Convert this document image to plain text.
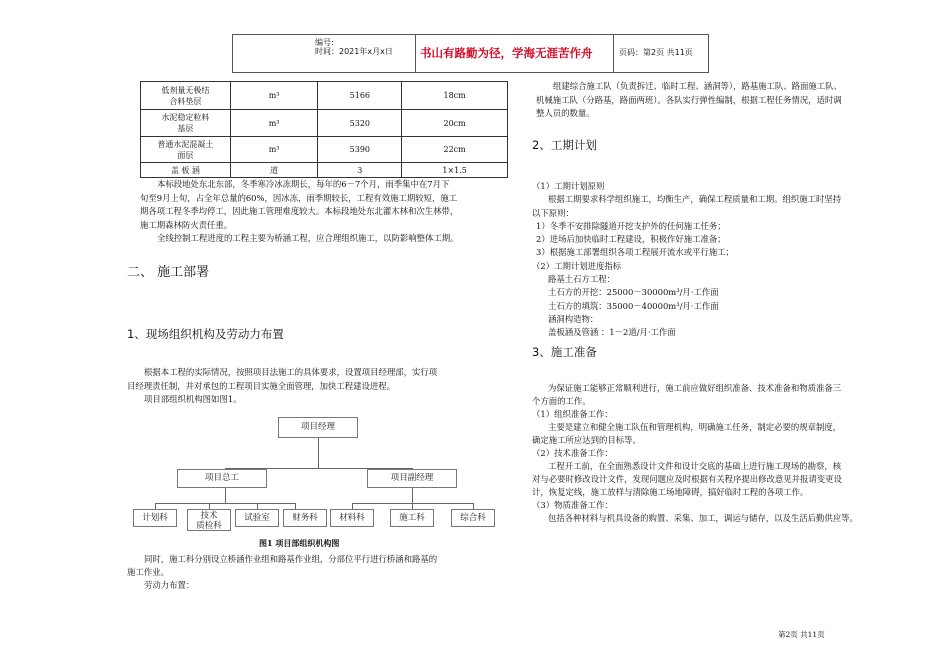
编号:
时间：2021年x月x日 书山有路勤为径，学海无涯苦作舟	页码：第2页 共11页
低剂量无极结
合料垫层	m³	5166	18cm

水泥稳定粒料
基层	m³	5320	20cm

普通水泥混凝土
面层	m³	5390	22cm

盖 板 涵	道	3	1×1.5
本标段地处东北东部，冬季寒冷冰冻期长，每年的6－7个月，雨季集中在7月下
旬至9月上旬，占全年总量的60%，因冰冻，雨季期较长，工程有效施工期较短，施工
期各项工程冬季均停工，因此施工管理难度较大。本标段地处东北灌木林和次生林带，
施工期森林防火责任重。
全线控制工程进度的工程主要为桥涵工程，应合理组织施工，以防影响整体工期。
二、 施工部署
1、现场组织机构及劳动力布置
根据本工程的实际情况，按照项目法施工的具体要求，设置项目经理部，实行项
目经理责任制，并对承包的工程项目实施全面管理，加快工程建设进程。
项目部组织机构图如图1。
项目经理
项目总工	项目副经理
计划科	技术
质检科
试验室	财务科	材料科	施工科	综合科
图1 项目部组织机构图
同时，施工科分别设立桥涵作业组和路基作业组，分部位平行进行桥涵和路基的
施工作业。
劳动力布置：
组建综合施工队（负责拆迁、临时工程、涵洞等），路基施工队、路面施工队、
机械施工队（分路基，路面两班）。各队实行弹性编制，根据工程任务情况，适时调
整人员的数量。
2、工期计划
（1）工期计划原则
根据工期要求科学组织施工，均衡生产，确保工程质量和工期。组织施工时坚持
以下原则：
1）冬季不安排除隧道开挖支护外的任何施工任务；
2）进场后加快临时工程建设，积极作好施工准备；
3）根据施工部署组织各项工程展开流水或平行施工；
（2）工期计划进度指标
路基土石方工程：
土石方的开挖：25000－30000m³/月·工作面
土石方的填筑：35000－40000m³/月·工作面
涵洞构造物：
盖板涵及管涵 ：1－2道/月·工作面
3、施工准备
为保证施工能够正常顺利进行，施工前应做好组织准备、技术准备和物质准备三
个方面的工作。
（1）组织准备工作：
主要是建立和健全施工队伍和管理机构，明确施工任务，制定必要的规章制度，
确定施工所应达到的目标等。
（2）技术准备工作：
工程开工前，在全面熟悉设计文件和设计交底的基础上进行施工现场的勘察，核
对与必要时修改设计文件，发现问题应及时根据有关程序提出修改意见并报请变更设
计，恢复定线，施工放样与清除施工场地障碍，搞好临时工程的各项工作。
（3）物质准备工作：
包括各种材料与机具设备的购置、采集、加工，调运与储存，以及生活后勤供应等。
第2页 共11页
